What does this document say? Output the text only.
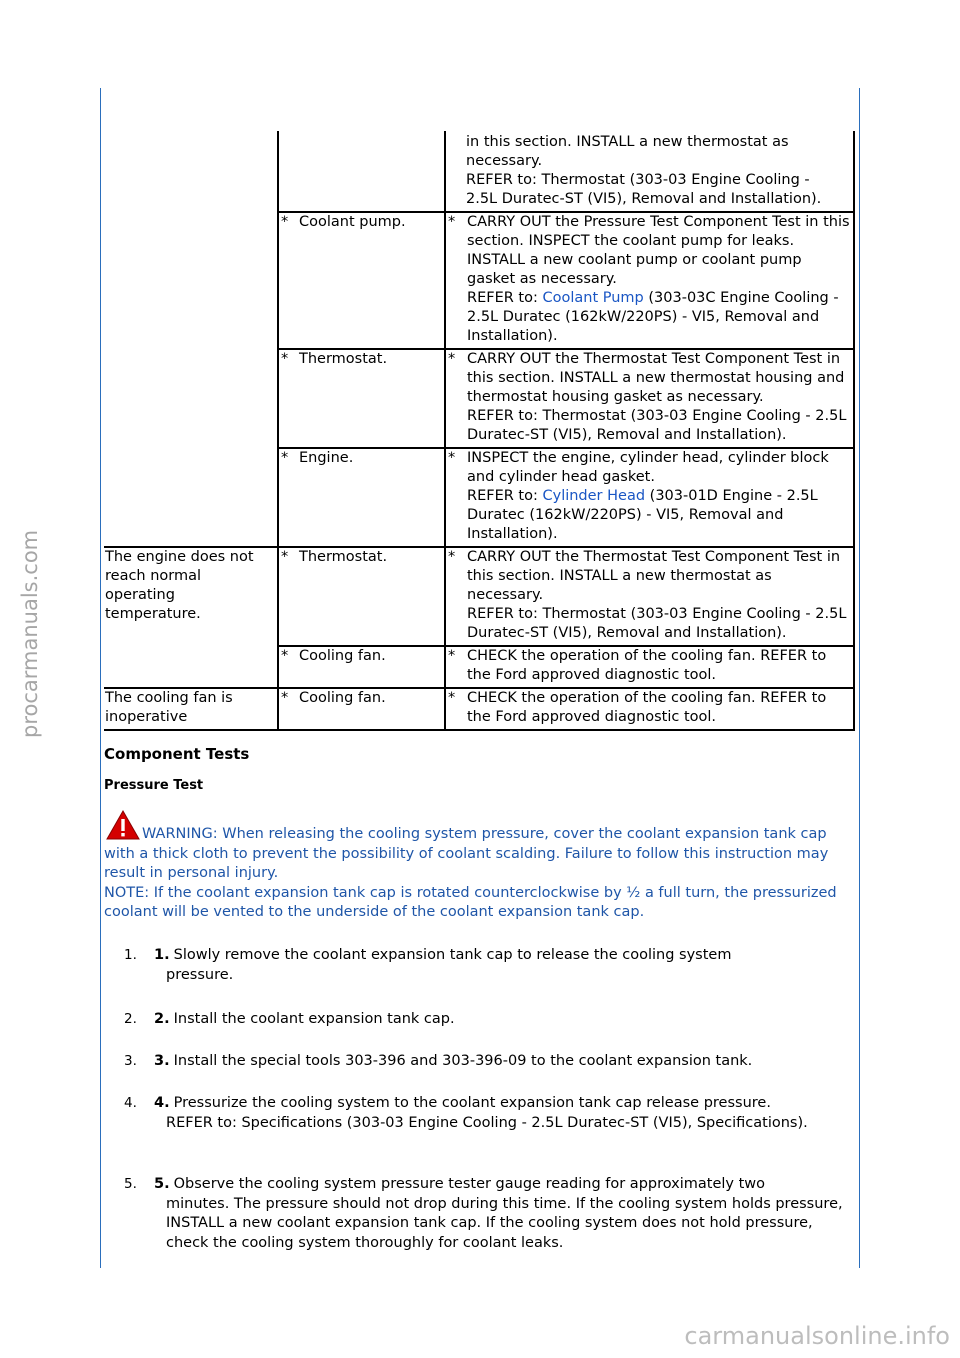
procarmanuals.com

		in this section. INSTALL a new thermostat as
necessary.
REFER to: Thermostat (303-03 Engine Cooling -
2.5L Duratec-ST (VI5), Removal and Installation).

	* Coolant pump.	* CARRY OUT the Pressure Test Component Test in this section. INSPECT the coolant pump for leaks. INSTALL a new coolant pump or coolant pump gasket as necessary.
REFER to: Coolant Pump (303-03C Engine Cooling - 2.5L Duratec (162kW/220PS) - VI5, Removal and Installation).

	* Thermostat.	* CARRY OUT the Thermostat Test Component Test in this section. INSTALL a new thermostat housing and thermostat housing gasket as necessary.
REFER to: Thermostat (303-03 Engine Cooling - 2.5L Duratec-ST (VI5), Removal and Installation).

	* Engine.	* INSPECT the engine, cylinder head, cylinder block and cylinder head gasket.
REFER to: Cylinder Head (303-01D Engine - 2.5L Duratec (162kW/220PS) - VI5, Removal and Installation).

The engine does not reach normal operating temperature.	* Thermostat.	* CARRY OUT the Thermostat Test Component Test in this section. INSTALL a new thermostat as necessary.
REFER to: Thermostat (303-03 Engine Cooling - 2.5L Duratec-ST (VI5), Removal and Installation).

	* Cooling fan.	* CHECK the operation of the cooling fan. REFER to the Ford approved diagnostic tool.

The cooling fan is inoperative	* Cooling fan.	* CHECK the operation of the cooling fan. REFER to the Ford approved diagnostic tool.
Component Tests
Pressure Test
WARNING: When releasing the cooling system pressure, cover the coolant expansion tank cap with a thick cloth to prevent the possibility of coolant scalding. Failure to follow this instruction may result in personal injury.
NOTE: If the coolant expansion tank cap is rotated counterclockwise by ½ a full turn, the pressurized coolant will be vented to the underside of the coolant expansion tank cap.
1.	1. Slowly remove the coolant expansion tank cap to release the cooling system
pressure.
2.	2. Install the coolant expansion tank cap.
3.	3. Install the special tools 303-396 and 303-396-09 to the coolant expansion tank.
4.	4. Pressurize the cooling system to the coolant expansion tank cap release pressure.
REFER to: Specifications (303-03 Engine Cooling - 2.5L Duratec-ST (VI5), Specifications).
5.	5. Observe the cooling system pressure tester gauge reading for approximately two
minutes. The pressure should not drop during this time. If the cooling system holds pressure, INSTALL a new coolant expansion tank cap. If the cooling system does not hold pressure, check the cooling system thoroughly for coolant leaks.
carmanualsonline.info
